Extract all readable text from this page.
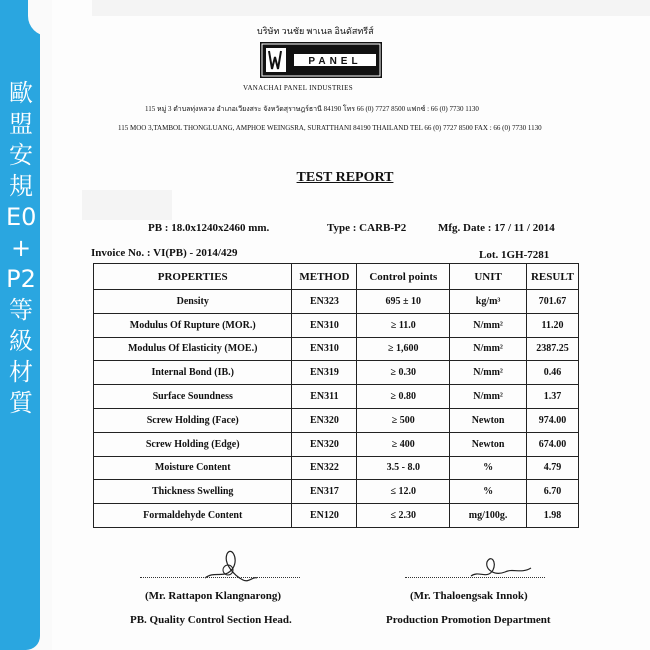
歐
盟
安
規
E0
+
P2
等
級
材
質
บริษัท วนชัย พาเนล อินดัสทรีส์
PANEL
VANACHAI PANEL INDUSTRIES
115 หมู่ 3 ตำบลทุ่งหลวง อำเภอเวียงสระ จังหวัดสุราษฎร์ธานี 84190 โทร 66 (0) 7727 8500 แฟกซ์ : 66 (0) 7730 1130
115 MOO 3,TAMBOL THONGLUANG, AMPHOE WEINGSRA, SURATTHANI 84190 THAILAND TEL 66 (0) 7727 8500 FAX : 66 (0) 7730 1130
TEST REPORT
PB : 18.0x1240x2460 mm.	Type : CARB-P2	Mfg. Date : 17 / 11 / 2014
Invoice No. : VI(PB) - 2014/429	Lot. 1GH-7281
PROPERTIES	METHOD	Control points	UNIT	RESULT
Density	EN323	695 ± 10	kg/m³	701.67
Modulus Of Rupture (MOR.)	EN310	≥ 11.0	N/mm²	11.20
Modulus Of Elasticity (MOE.)	EN310	≥ 1,600	N/mm²	2387.25
Internal Bond (IB.)	EN319	≥ 0.30	N/mm²	0.46
Surface Soundness	EN311	≥ 0.80	N/mm²	1.37
Screw Holding (Face)	EN320	≥ 500	Newton	974.00
Screw Holding (Edge)	EN320	≥ 400	Newton	674.00
Moisture Content	EN322	3.5 - 8.0	%	4.79
Thickness Swelling	EN317	≤ 12.0	%	6.70
Formaldehyde Content	EN120	≤ 2.30	mg/100g.	1.98
(Mr. Rattapon Klangnarong)
PB. Quality Control Section Head.
(Mr. Thaloengsak Innok)
Production Promotion Department
